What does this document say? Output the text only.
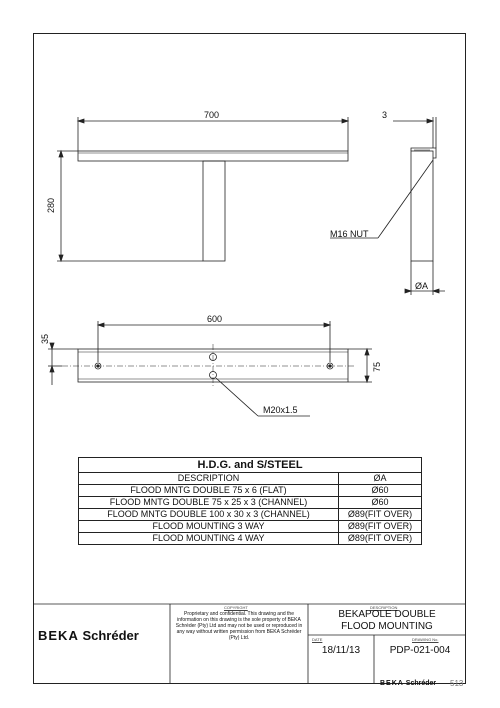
700	3
280
M16 NUT
ØA
600
35
75
M20x1.5
H.D.G. and S/STEEL	
DESCRIPTION	ØA
FLOOD MNTG DOUBLE 75 x 6 (FLAT)	Ø60
FLOOD MNTG DOUBLE 75 x 25 x 3 (CHANNEL)	Ø60
FLOOD MNTG DOUBLE 100 x 30 x 3 (CHANNEL)	Ø89(FIT OVER)
FLOOD MOUNTING 3 WAY	Ø89(FIT OVER)
FLOOD MOUNTING 4 WAY	Ø89(FIT OVER)
BEKA Schréder
COPYRIGHT
Proprietary and confidential. This drawing and the information on this drawing is the sole property of BEKA Schréder (Pty) Ltd and may not be used or reproduced in any way without written permission from BEKA Schréder (Pty) Ltd.
DESCRIPTION
BEKAPOLE DOUBLE
FLOOD MOUNTING
DATE
18/11/13
DRAWING No.
PDP-021-004
BEKA Schréder 513
